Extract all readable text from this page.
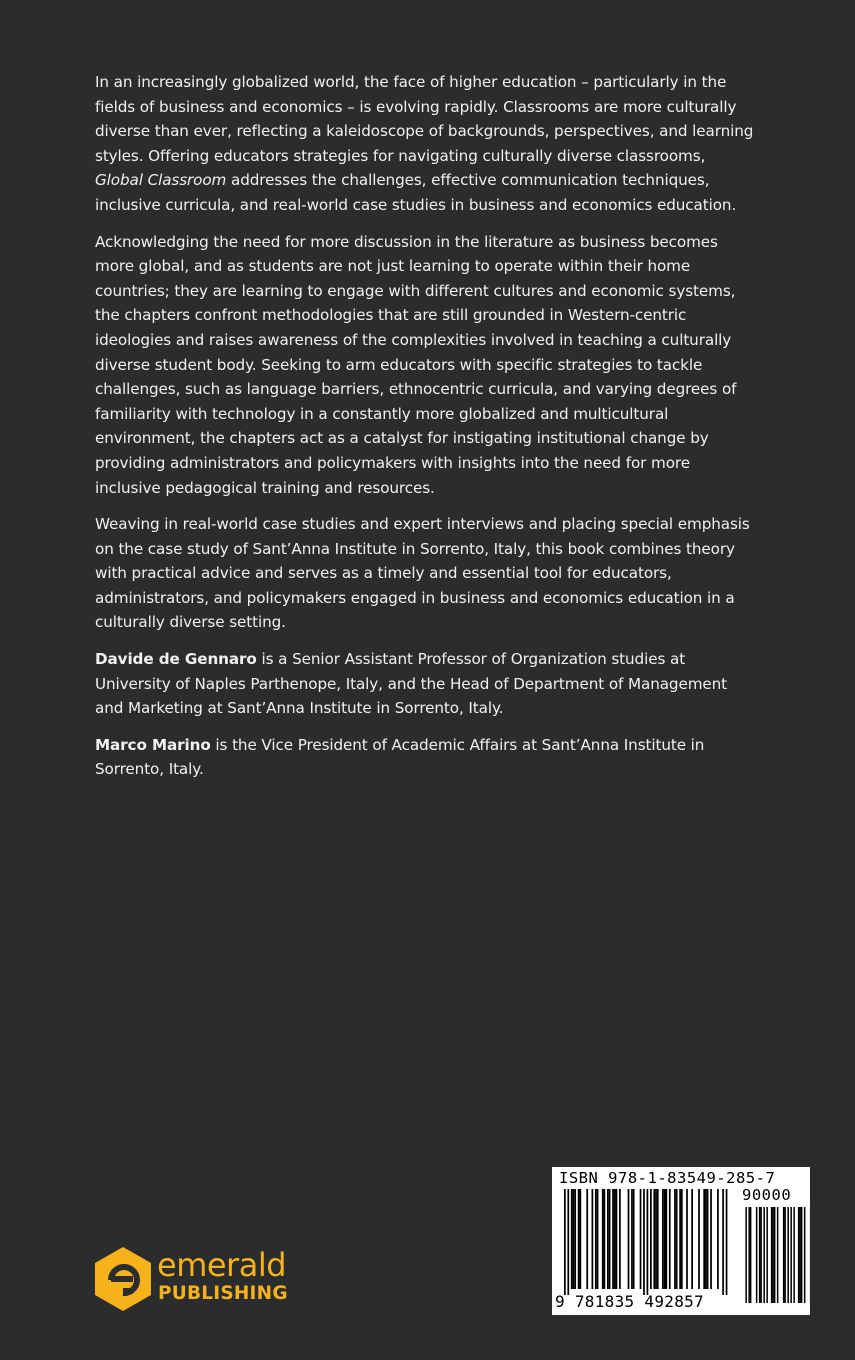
In an increasingly globalized world, the face of higher education – particularly in the fields of business and economics – is evolving rapidly. Classrooms are more culturally diverse than ever, reflecting a kaleidoscope of backgrounds, perspectives, and learning styles. Offering educators strategies for navigating culturally diverse classrooms, Global Classroom addresses the challenges, effective communication techniques, inclusive curricula, and real-world case studies in business and economics education.

Acknowledging the need for more discussion in the literature as business becomes more global, and as students are not just learning to operate within their home countries; they are learning to engage with different cultures and economic systems, the chapters confront methodologies that are still grounded in Western-centric ideologies and raises awareness of the complexities involved in teaching a culturally diverse student body. Seeking to arm educators with specific strategies to tackle challenges, such as language barriers, ethnocentric curricula, and varying degrees of familiarity with technology in a constantly more globalized and multicultural environment, the chapters act as a catalyst for instigating institutional change by providing administrators and policymakers with insights into the need for more inclusive pedagogical training and resources.

Weaving in real-world case studies and expert interviews and placing special emphasis on the case study of Sant’Anna Institute in Sorrento, Italy, this book combines theory with practical advice and serves as a timely and essential tool for educators, administrators, and policymakers engaged in business and economics education in a culturally diverse setting.

Davide de Gennaro is a Senior Assistant Professor of Organization studies at University of Naples Parthenope, Italy, and the Head of Department of Management and Marketing at Sant’Anna Institute in Sorrento, Italy.

Marco Marino is the Vice President of Academic Affairs at Sant’Anna Institute in Sorrento, Italy.

emerald
PUBLISHING
ISBN 978-1-83549-285-7
90000
9 781835 492857
